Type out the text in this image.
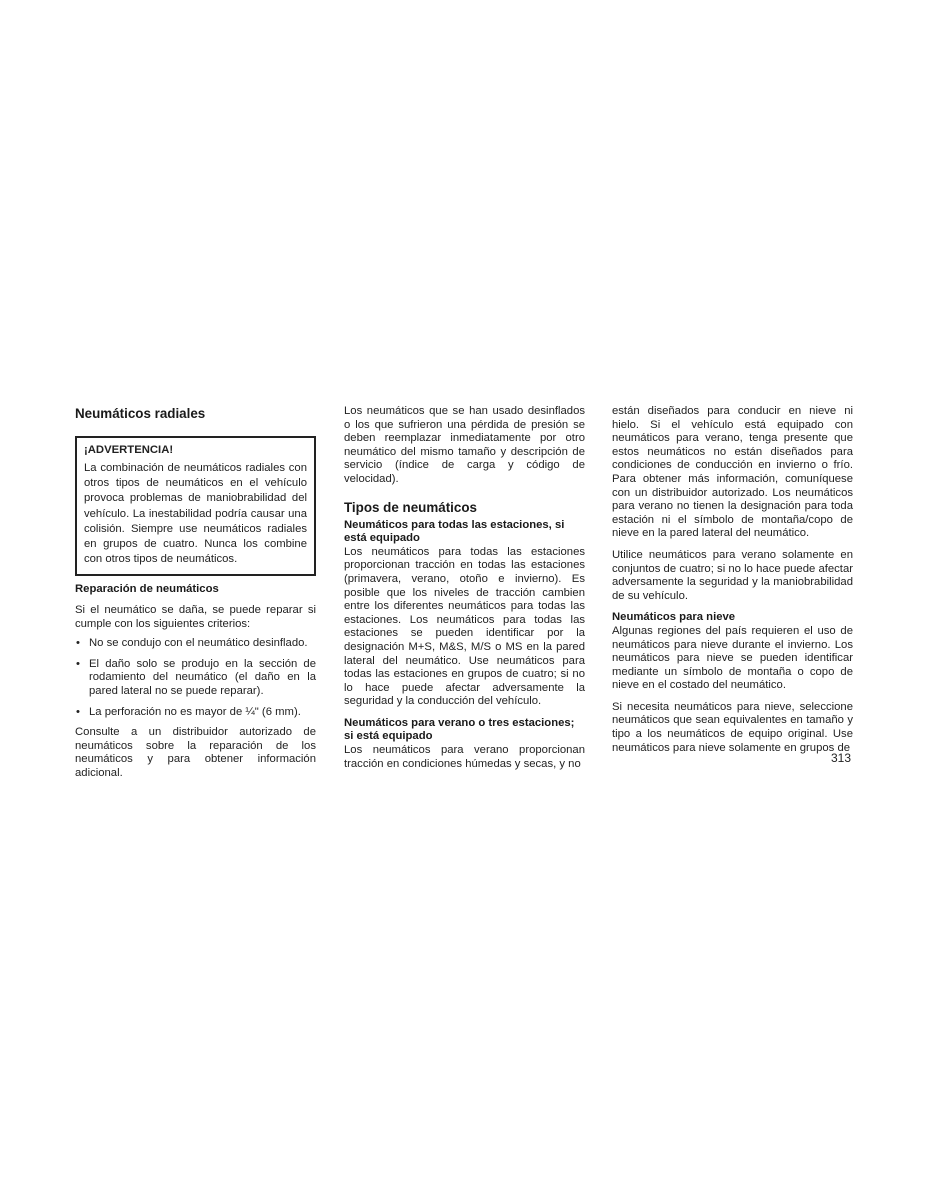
Neumáticos radiales
¡ADVERTENCIA!

La combinación de neumáticos radiales con otros tipos de neumáticos en el vehículo provoca problemas de maniobrabilidad del vehículo. La inestabilidad podría causar una colisión. Siempre use neumáticos radiales en grupos de cuatro. Nunca los combine con otros tipos de neumáticos.

Reparación de neumáticos

Si el neumático se daña, se puede reparar si cumple con los siguientes criterios:

• No se condujo con el neumático desinflado.
• El daño solo se produjo en la sección de rodamiento del neumático (el daño en la pared lateral no se puede reparar).
• La perforación no es mayor de ¼" (6 mm).

Consulte a un distribuidor autorizado de neumáticos sobre la reparación de los neumáticos y para obtener información adicional.

Los neumáticos que se han usado desinflados o los que sufrieron una pérdida de presión se deben reemplazar inmediatamente por otro neumático del mismo tamaño y descripción de servicio (índice de carga y código de velocidad).

Tipos de neumáticos
Neumáticos para todas las estaciones, si está equipado

Los neumáticos para todas las estaciones proporcionan tracción en todas las estaciones (primavera, verano, otoño e invierno). Es posible que los niveles de tracción cambien entre los diferentes neumáticos para todas las estaciones. Los neumáticos para todas las estaciones se pueden identificar por la designación M+S, M&S, M/S o MS en la pared lateral del neumático. Use neumáticos para todas las estaciones en grupos de cuatro; si no lo hace puede afectar adversamente la seguridad y la conducción del vehículo.

Neumáticos para verano o tres estaciones; si está equipado

Los neumáticos para verano proporcionan tracción en condiciones húmedas y secas, y no

están diseñados para conducir en nieve ni hielo. Si el vehículo está equipado con neumáticos para verano, tenga presente que estos neumáticos no están diseñados para condiciones de conducción en invierno o frío. Para obtener más información, comuníquese con un distribuidor autorizado. Los neumáticos para verano no tienen la designación para toda estación ni el símbolo de montaña/copo de nieve en la pared lateral del neumático.

Utilice neumáticos para verano solamente en conjuntos de cuatro; si no lo hace puede afectar adversamente la seguridad y la maniobrabilidad de su vehículo.

Neumáticos para nieve

Algunas regiones del país requieren el uso de neumáticos para nieve durante el invierno. Los neumáticos para nieve se pueden identificar mediante un símbolo de montaña o copo de nieve en el costado del neumático.

Si necesita neumáticos para nieve, seleccione neumáticos que sean equivalentes en tamaño y tipo a los neumáticos de equipo original. Use neumáticos para nieve solamente en grupos de

313
